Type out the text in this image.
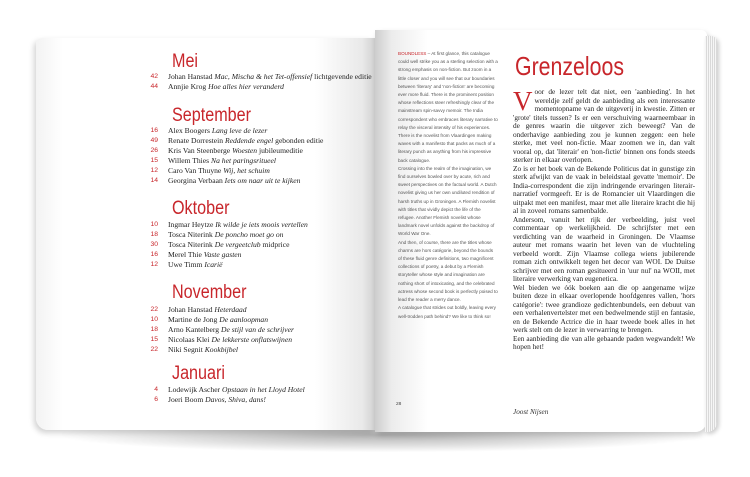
Mei
42 Johan Hanstad Mac, Mischa & het Tet-offensief lichtgevende editie
44 Annjie Krog Hoe alles hier veranderd
September
16 Alex Boogers Lang leve de lezer
49 Renate Dorrestein Reddende engel gebonden editie
26 Kris Van Steenberge Woesten jubileumeditie
15 Willem Thies Na het paringsritueel
12 Caro Van Thuyne Wij, het schuim
14 Georgina Verbaan Iets om naar uit te kijken
Oktober
10 Ingmar Heytze Ik wilde je iets moois vertellen
18 Tosca Niterink De poncho moet go on
30 Tosca Niterink De vergeetclub midprice
16 Merel Thie Vaste gasten
12 Uwe Timm Icarië
November
22 Johan Hanstad Heterdaad
10 Martine de Jong De aanloopman
18 Arno Kantelberg De stijl van de schrijver
15 Nicolaas Klei De lekkerste onflatswijnen
22 Niki Segnit Kookbijbel
Januari
4 Lodewijk Ascher Opstaan in het Lloyd Hotel
6 Joeri Boom Davos, Shiva, dans!

BOUNDLESS – At first glance, this catalogue could well strike you as a sterling selection with a strong emphasis on non-fiction. But zoom in a little closer and you will see that our boundaries between 'literary' and 'non-fiction' are becoming ever more fluid. There is the prominent position whose reflections steer refreshingly clear of the mainstream spin-savvy memoir. The India correspondent who embraces literary narrative to relay the visceral intensity of his experiences. There is the novelist from Vlaardingen making waves with a manifesto that packs as much of a literary punch as anything from his impressive back catalogue.

Crossing into the realm of the imagination, we find ourselves bowled over by acute, rich and sweet perspectives on the factual world. A Dutch novelist giving us her own undiluted rendition of harsh truths up in Groningen. A Flemish novelist with titles that vividly depict the life of the refugee. Another Flemish novelist whose landmark novel unfolds against the backdrop of World War One.

And then, of course, there are the titles whose charms are hors catégorie, beyond the bounds of these fluid genre definitions, two magnificent collections of poetry, a debut by a Flemish storyteller whose style and imagination are nothing short of intoxicating, and the celebrated actress whose second book is perfectly poised to lead the reader a merry dance.

A catalogue that strides out boldly, leaving every well-trodden path behind? We like to think so!

28
Grenzeloos

Voor de lezer telt dat niet, een 'aanbieding'. In het wereldje zelf geldt de aanbieding als een interessante momentopname van de uitgeverij in kwestie. Zitten er 'grote' titels tussen? Is er een verschuiving waarneembaar in de genres waarin die uitgever zich beweegt? Van de onderhavige aanbieding zou je kunnen zeggen: een hele sterke, met veel non-fictie. Maar zoomen we in, dan valt vooral op, dat 'literair' en 'non-fictie' binnen ons fonds steeds sterker in elkaar overlopen.

Zo is er het boek van de Bekende Politicus dat in gunstige zin sterk afwijkt van de vaak in beleidstaal gevatte 'memoir'. De India-correspondent die zijn indringende ervaringen literair-narratief vormgeeft. Er is de Romancier uit Vlaardingen die uitpakt met een manifest, maar met alle literaire kracht die hij al in zoveel romans samenbalde.

Andersom, vanuit het rijk der verbeelding, juist veel commentaar op werkelijkheid. De schrijfster met een verdichting van de waarheid in Groningen. De Vlaamse auteur met romans waarin het leven van de vluchteling verbeeld wordt. Zijn Vlaamse collega wiens jubilerende roman zich ontwikkelt tegen het decor van WOI. De Duitse schrijver met een roman gesitueerd in 'uur nul' na WOII, met literaire verwerking van eugenetica.

Wel bieden we óók boeken aan die op aangename wijze buiten deze in elkaar overlopende hoofdgenres vallen, 'hors catégorie': twee grandioze gedichtenbundels, een debuut van een verhalenvertelster met een bedwelmende stijl en fantasie, en de Bekende Actrice die in haar tweede boek alles in het werk stelt om de lezer in verwarring te brengen.

Een aanbieding die van alle gebaande paden wegwandelt! We hopen het!

Joost Nijsen
